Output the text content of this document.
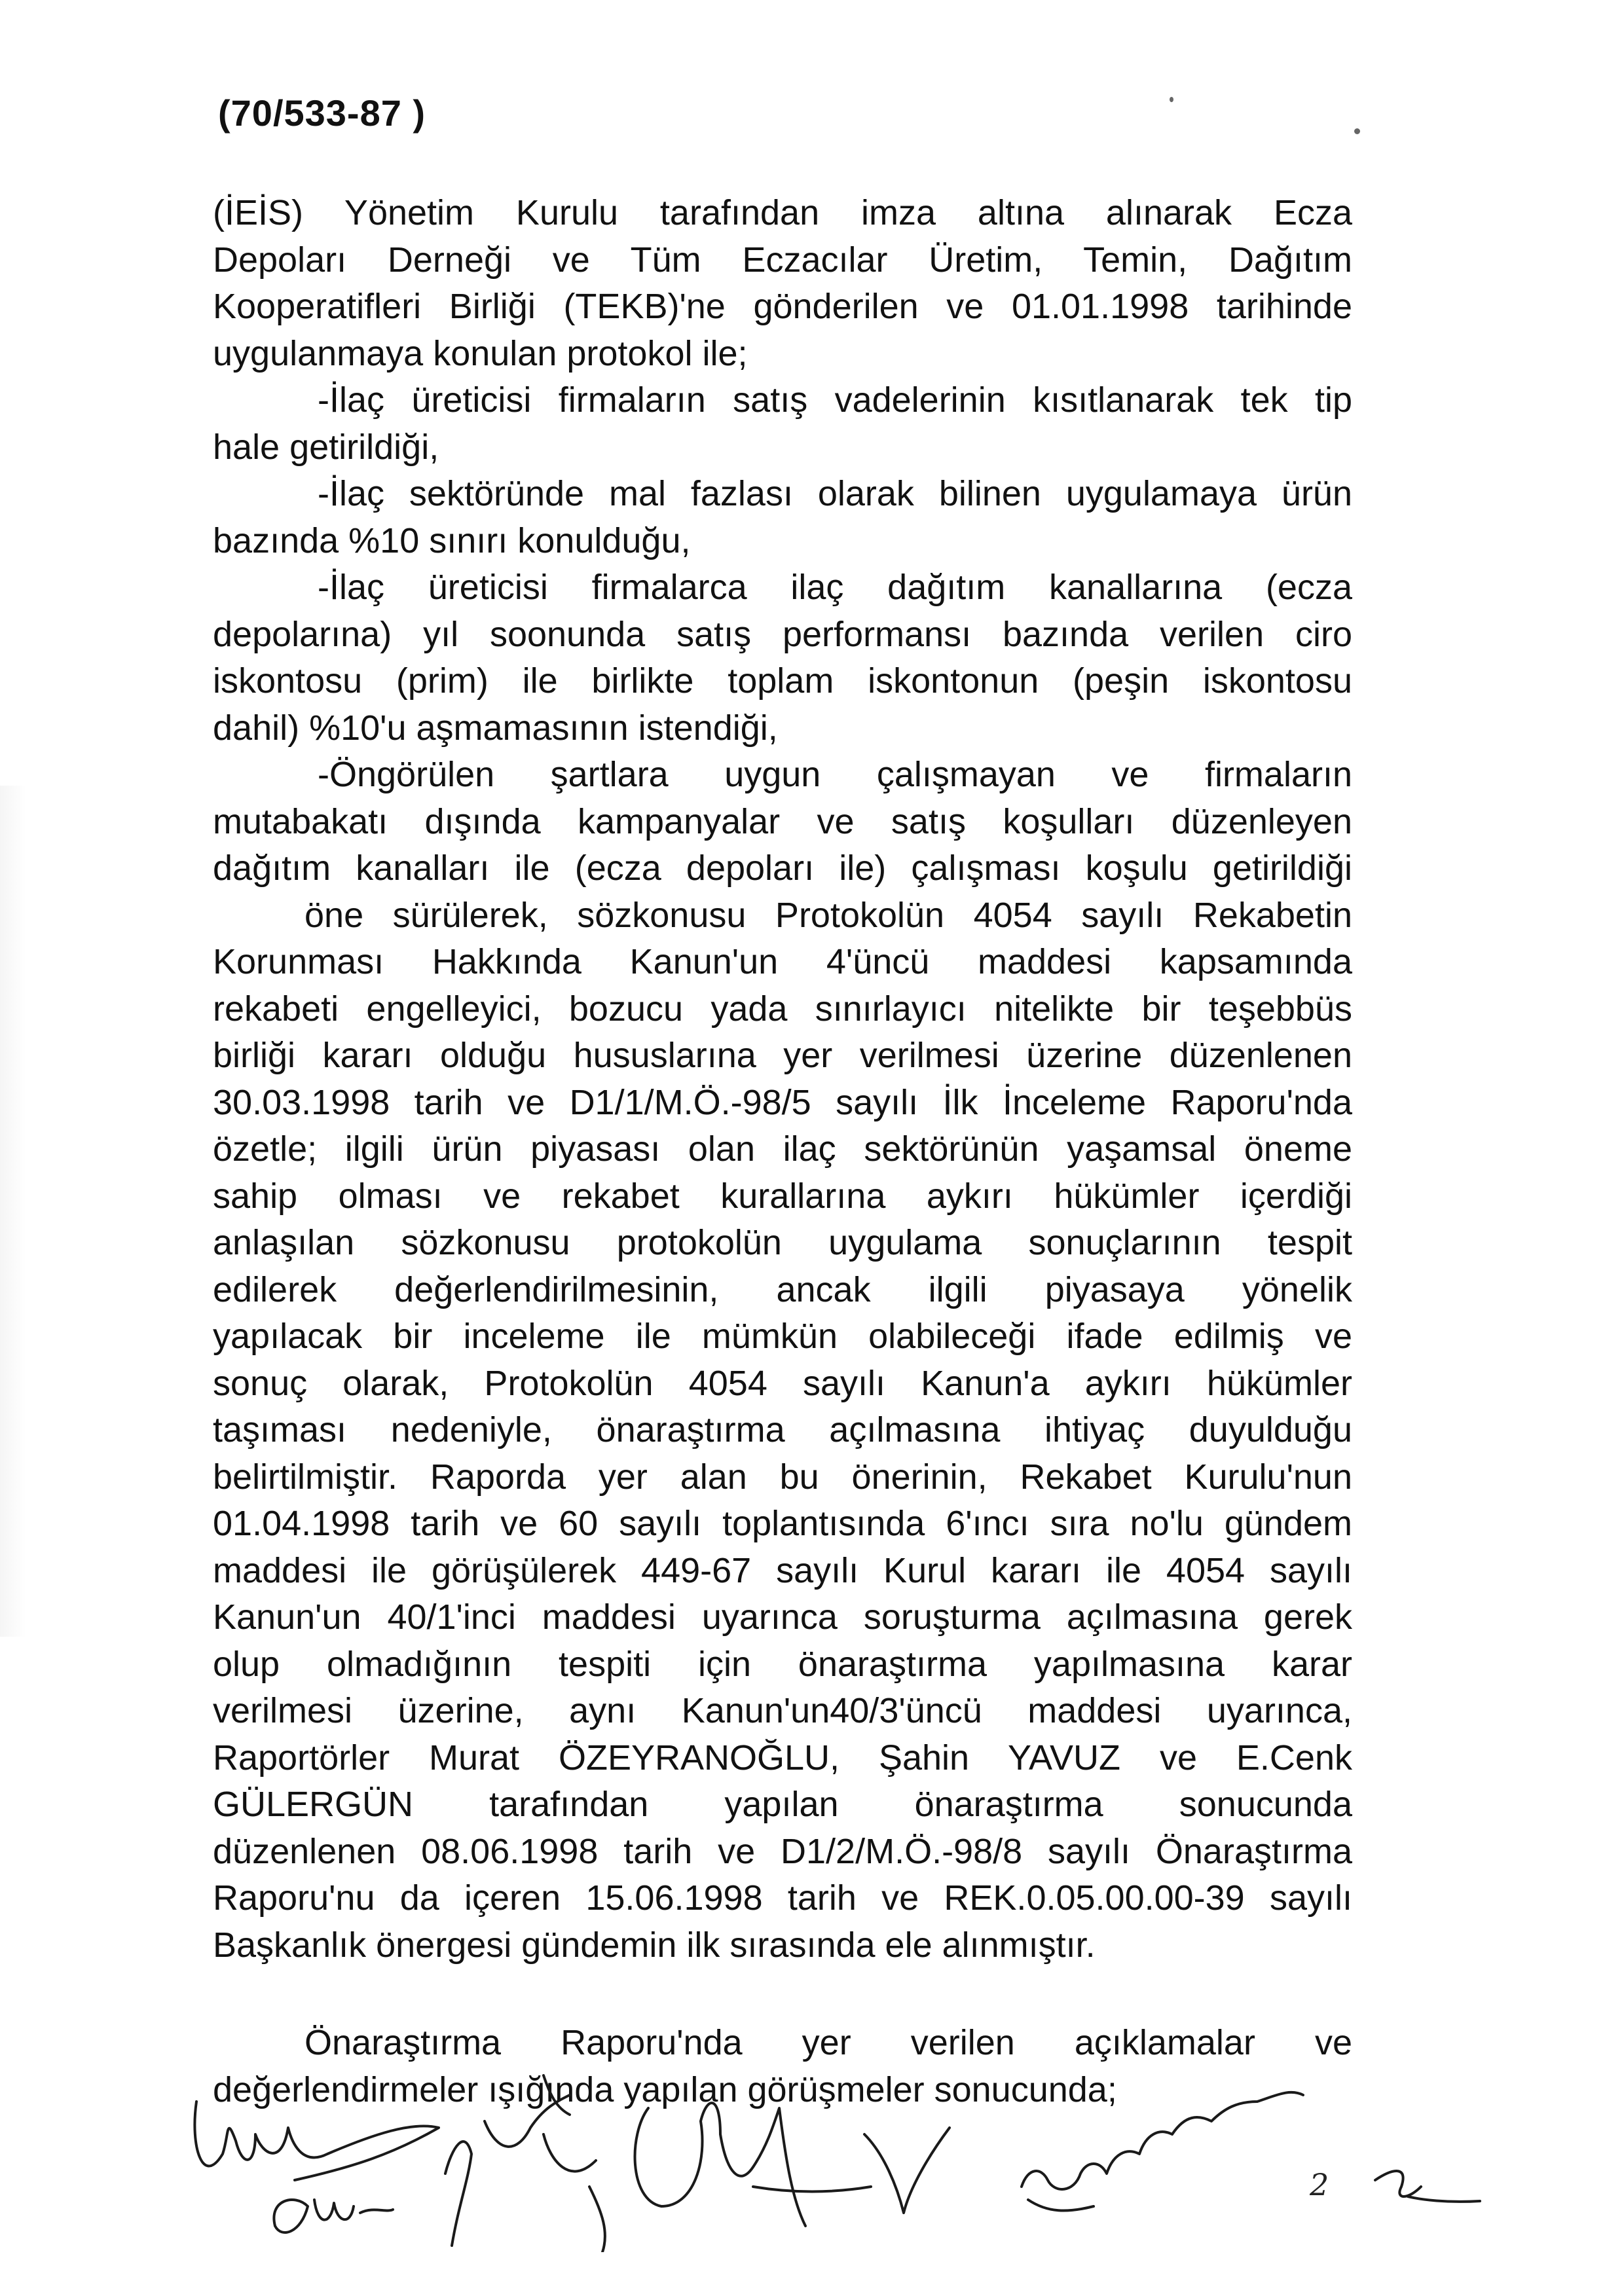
(70/533-87 )
(İEİS) Yönetim Kurulu tarafından imza altına alınarak Ecza
Depoları Derneği ve Tüm Eczacılar Üretim, Temin, Dağıtım
Kooperatifleri Birliği (TEKB)'ne gönderilen ve 01.01.1998 tarihinde
uygulanmaya konulan protokol ile;
-İlaç üreticisi firmaların satış vadelerinin kısıtlanarak tek tip
hale getirildiği,
-İlaç sektöründe mal fazlası olarak bilinen uygulamaya ürün
bazında %10 sınırı konulduğu,
-İlaç üreticisi firmalarca ilaç dağıtım kanallarına (ecza
depolarına) yıl soonunda satış performansı bazında verilen ciro
iskontosu (prim) ile birlikte toplam iskontonun (peşin iskontosu
dahil) %10'u aşmamasının istendiği,
-Öngörülen şartlara uygun çalışmayan ve firmaların
mutabakatı dışında kampanyalar ve satış koşulları düzenleyen
dağıtım kanalları ile (ecza depoları ile) çalışması koşulu getirildiği
öne sürülerek, sözkonusu Protokolün 4054 sayılı Rekabetin
Korunması Hakkında Kanun'un 4'üncü maddesi kapsamında
rekabeti engelleyici, bozucu yada sınırlayıcı nitelikte bir teşebbüs
birliği kararı olduğu hususlarına yer verilmesi üzerine düzenlenen
30.03.1998 tarih ve D1/1/M.Ö.-98/5 sayılı İlk İnceleme Raporu'nda
özetle; ilgili ürün piyasası olan ilaç sektörünün yaşamsal öneme
sahip olması ve rekabet kurallarına aykırı hükümler içerdiği
anlaşılan sözkonusu protokolün uygulama sonuçlarının tespit
edilerek değerlendirilmesinin, ancak ilgili piyasaya yönelik
yapılacak bir inceleme ile mümkün olabileceği ifade edilmiş ve
sonuç olarak, Protokolün 4054 sayılı Kanun'a aykırı hükümler
taşıması nedeniyle, önaraştırma açılmasına ihtiyaç duyulduğu
belirtilmiştir. Raporda yer alan bu önerinin, Rekabet Kurulu'nun
01.04.1998 tarih ve 60 sayılı toplantısında 6'ıncı sıra no'lu gündem
maddesi ile görüşülerek 449-67 sayılı Kurul kararı ile 4054 sayılı
Kanun'un 40/1'inci maddesi uyarınca soruşturma açılmasına gerek
olup olmadığının tespiti için önaraştırma yapılmasına karar
verilmesi üzerine, aynı Kanun'un40/3'üncü maddesi uyarınca,
Raportörler Murat ÖZEYRANOĞLU, Şahin YAVUZ ve E.Cenk
GÜLERGÜN tarafından yapılan önaraştırma sonucunda
düzenlenen 08.06.1998 tarih ve D1/2/M.Ö.-98/8 sayılı Önaraştırma
Raporu'nu da içeren 15.06.1998 tarih ve REK.0.05.00.00-39 sayılı
Başkanlık önergesi gündemin ilk sırasında ele alınmıştır.
Önaraştırma Raporu'nda yer verilen açıklamalar ve
değerlendirmeler ışığında yapılan görüşmeler sonucunda;
2
